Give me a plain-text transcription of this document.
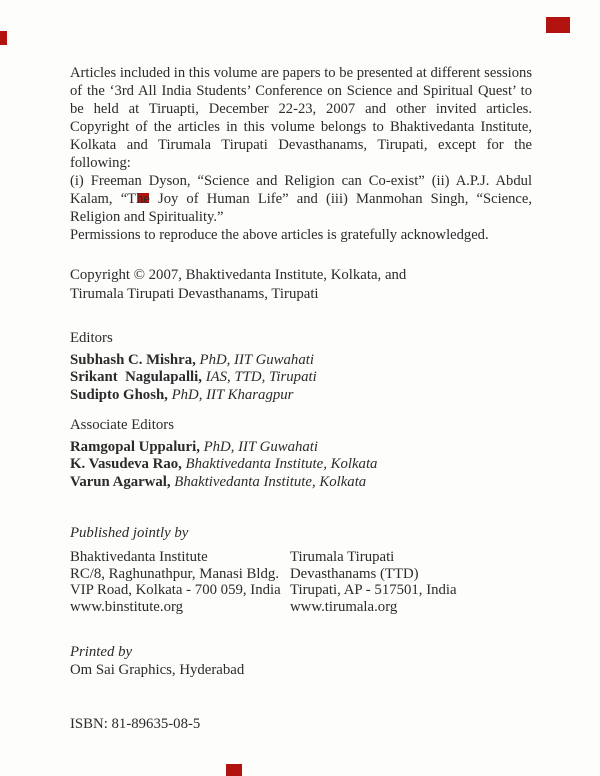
Articles included in this volume are papers to be presented at different sessions of the ‘3rd All India Students’ Conference on Science and Spiritual Quest’ to be held at Tiruapti, December 22-23, 2007 and other invited articles. Copyright of the articles in this volume belongs to Bhaktivedanta Institute, Kolkata and Tirumala Tirupati Devasthanams, Tirupati, except for the following:

(i) Freeman Dyson, “Science and Religion can Co-exist” (ii) A.P.J. Abdul Kalam, “The Joy of Human Life” and (iii) Manmohan Singh, “Science, Religion and Spirituality.”

Permissions to reproduce the above articles is gratefully acknowledged.

Copyright © 2007, Bhaktivedanta Institute, Kolkata, and
Tirumala Tirupati Devasthanams, Tirupati
Editors
Subhash C. Mishra, PhD, IIT Guwahati
Srikant  Nagulapalli, IAS, TTD, Tirupati
Sudipto Ghosh, PhD, IIT Kharagpur
Associate Editors
Ramgopal Uppaluri, PhD, IIT Guwahati
K. Vasudeva Rao, Bhaktivedanta Institute, Kolkata
Varun Agarwal, Bhaktivedanta Institute, Kolkata
Published jointly by
Bhaktivedanta Institute
RC/8, Raghunathpur, Manasi Bldg.
VIP Road, Kolkata - 700 059, India
www.binstitute.org
Tirumala Tirupati
Devasthanams (TTD)
Tirupati, AP - 517501, India
www.tirumala.org
Printed by
Om Sai Graphics, Hyderabad
ISBN: 81-89635-08-5
